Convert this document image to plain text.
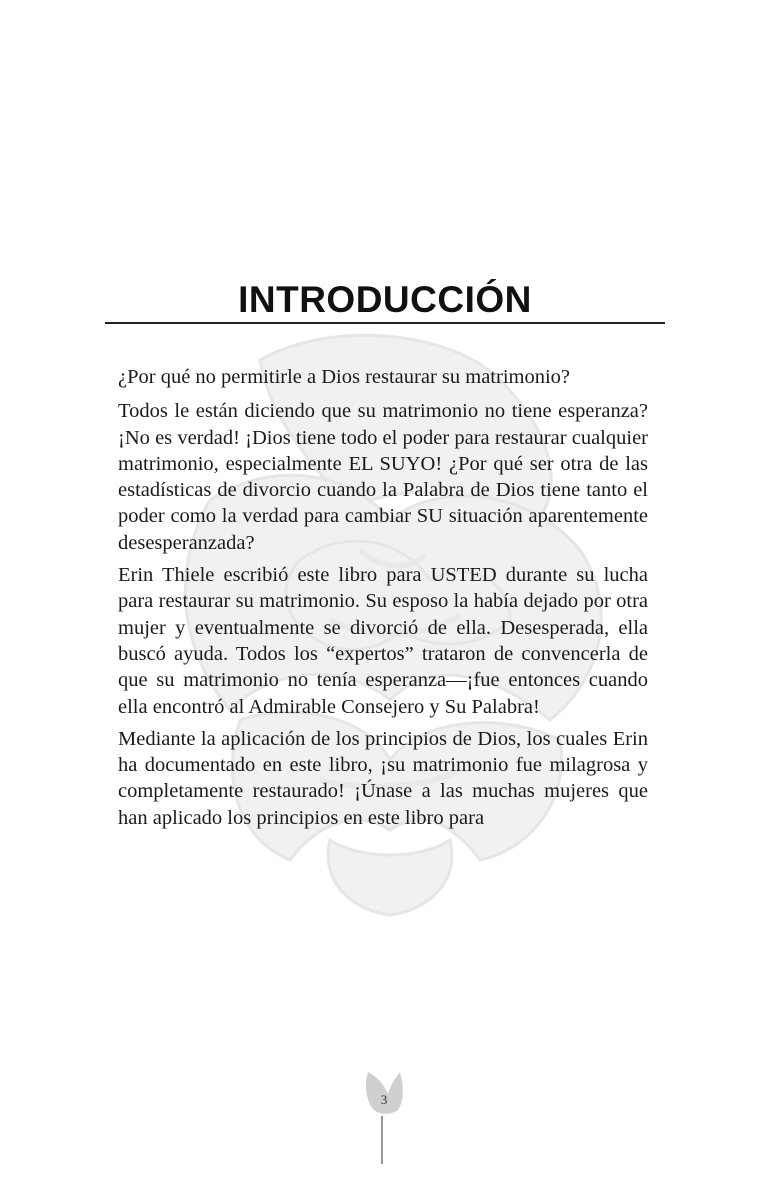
INTRODUCCIÓN

¿Por qué no permitirle a Dios restaurar su matrimonio?

Todos le están diciendo que su matrimonio no tiene esperanza? ¡No es verdad! ¡Dios tiene todo el poder para restaurar cualquier matrimonio, especialmente EL SUYO! ¿Por qué ser otra de las estadísticas de divorcio cuando la Palabra de Dios tiene tanto el poder como la verdad para cambiar SU situación aparentemente desesperanzada?

Erin Thiele escribió este libro para USTED durante su lucha para restaurar su matrimonio. Su esposo la había dejado por otra mujer y eventualmente se divorció de ella. Desesperada, ella buscó ayuda. Todos los “expertos” trataron de convencerla de que su matrimonio no tenía esperanza—¡fue entonces cuando ella encontró al Admirable Consejero y Su Palabra!

Mediante la aplicación de los principios de Dios, los cuales Erin ha documentado en este libro, ¡su matrimonio fue milagrosa y completamente restaurado! ¡Únase a las muchas mujeres que han aplicado los principios en este libro para

3
